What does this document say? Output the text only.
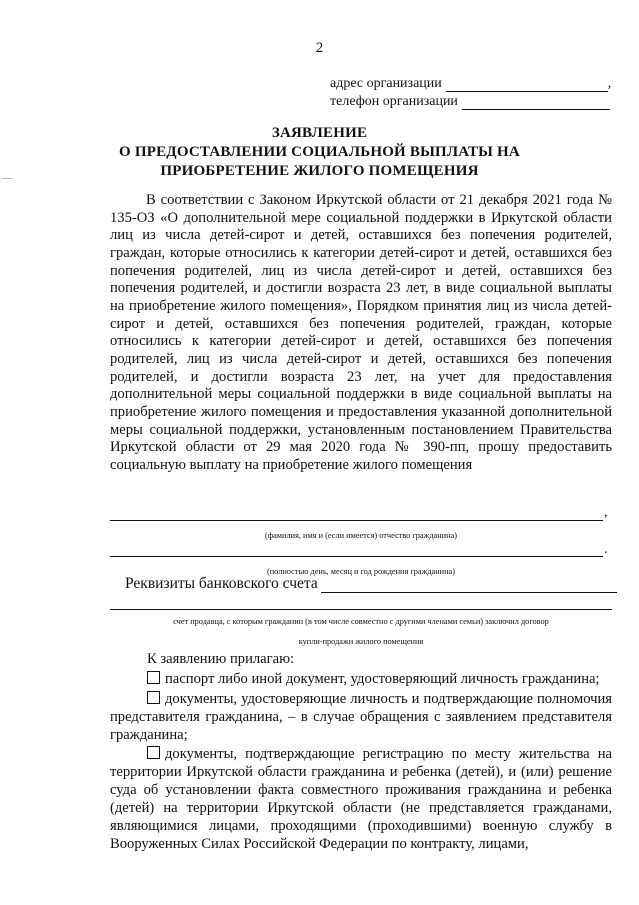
2
адрес организации	,
телефон организации
ЗАЯВЛЕНИЕ
О ПРЕДОСТАВЛЕНИИ СОЦИАЛЬНОЙ ВЫПЛАТЫ НА
ПРИОБРЕТЕНИЕ ЖИЛОГО ПОМЕЩЕНИЯ
В соответствии с Законом Иркутской области от 21 декабря 2021 года № 135-ОЗ «О дополнительной мере социальной поддержки в Иркутской области лиц из числа детей-сирот и детей, оставшихся без попечения родителей, граждан, которые относились к категории детей-сирот и детей, оставшихся без попечения родителей, лиц из числа детей-сирот и детей, оставшихся без попечения родителей, и достигли возраста 23 лет, в виде социальной выплаты на приобретение жилого помещения», Порядком принятия лиц из числа детей-сирот и детей, оставшихся без попечения родителей, граждан, которые относились к категории детей-сирот и детей, оставшихся без попечения родителей, лиц из числа детей-сирот и детей, оставшихся без попечения родителей, и достигли возраста 23 лет, на учет для предоставления дополнительной меры социальной поддержки в виде социальной выплаты на приобретение жилого помещения и предоставления указанной дополнительной меры социальной поддержки, установленным постановлением Правительства Иркутской области от 29 мая 2020 года № 390-пп, прошу предоставить социальную выплату на приобретение жилого помещения
,
(фамилия, имя и (если имеется) отчество гражданина)
.
(полностью день, месяц и год рождения гражданина)
Реквизиты банковского счета
счет продавца, с которым гражданин (в том числе совместно с другими членами семьи) заключил договор
купли-продажи жилого помещения
К заявлению прилагаю:
паспорт либо иной документ, удостоверяющий личность гражданина;
документы, удостоверяющие личность и подтверждающие полномочия представителя гражданина, – в случае обращения с заявлением представителя гражданина;
документы, подтверждающие регистрацию по месту жительства на территории Иркутской области гражданина и ребенка (детей), и (или) решение суда об установлении факта совместного проживания гражданина и ребенка (детей) на территории Иркутской области (не представляется гражданами, являющимися лицами, проходящими (проходившими) военную службу в Вооруженных Силах Российской Федерации по контракту, лицами,
